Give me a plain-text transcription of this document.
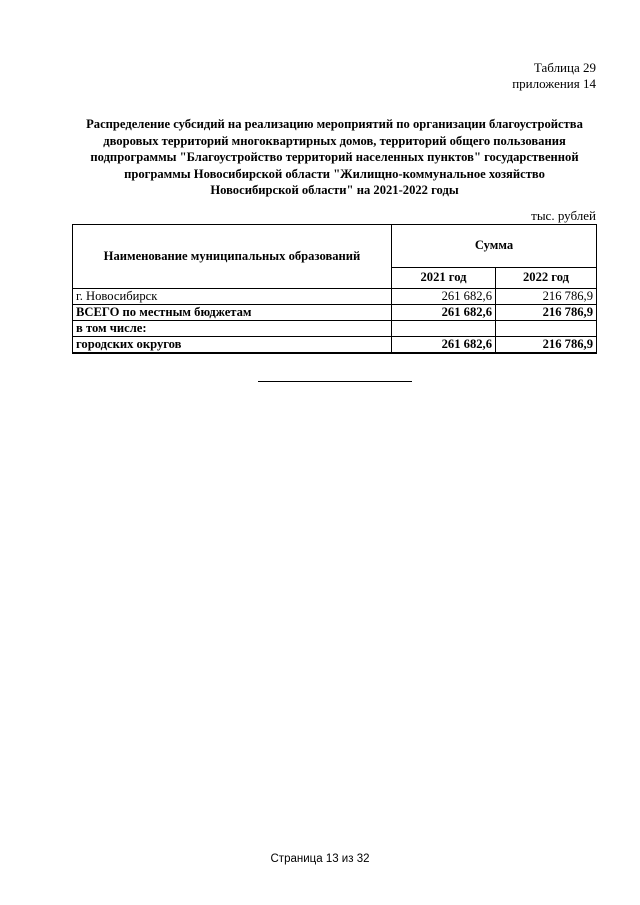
Таблица 29
приложения 14
Распределение субсидий на реализацию мероприятий по организации благоустройства
дворовых территорий многоквартирных домов, территорий общего пользования
подпрограммы "Благоустройство территорий населенных пунктов" государственной
программы Новосибирской области "Жилищно-коммунальное хозяйство
Новосибирской области" на 2021-2022 годы
тыс. рублей
Наименование муниципальных образований	Сумма	
	2021 год	2022 год
г. Новосибирск	261 682,6	216 786,9
ВСЕГО по местным бюджетам	261 682,6	216 786,9
в том числе:		
городских округов	261 682,6	216 786,9
Страница 13 из 32
